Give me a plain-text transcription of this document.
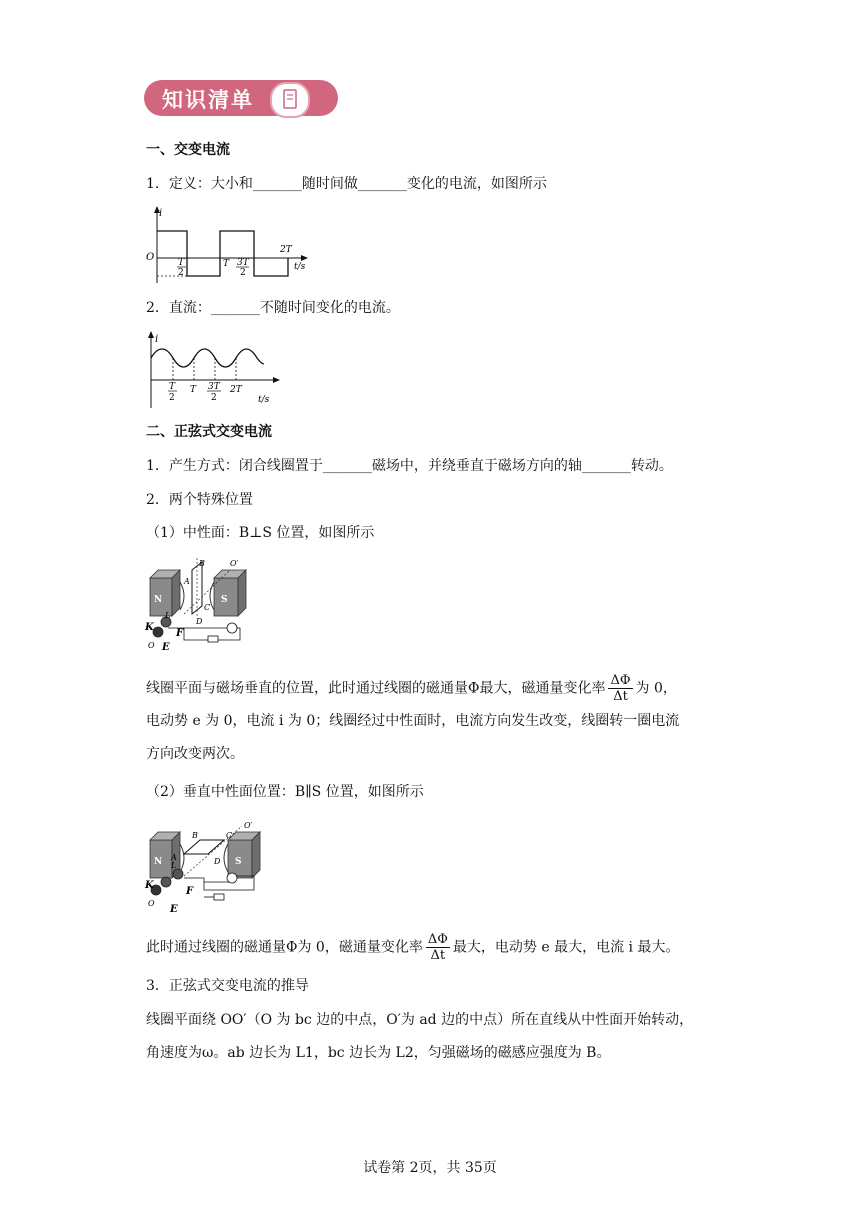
知识清单
一、交变电流
1．定义：大小和_______随时间做_______变化的电流，如图所示
i
O
t/s
T
2
T 3T
2
2T
2．直流：_______不随时间变化的电流。
i
t/s
T
2
T 3T
2
2T
二、正弦式交变电流
1．产生方式：闭合线圈置于_______磁场中，并绕垂直于磁场方向的轴_______转动。
2．两个特殊位置
（1）中性面：B⊥S 位置，如图所示
N	S
A
B
C
D
K
L
F
E
O
O′
线圈平面与磁场垂直的位置，此时通过线圈的磁通量Φ最大，磁通量变化率 $\frac{\Delta\Phi}{\Delta t}$ 为 0，
电动势 e 为 0，电流 i 为 0；线圈经过中性面时，电流方向发生改变，线圈转一圈电流
方向改变两次。
（2）垂直中性面位置：B∥S 位置，如图所示
N	S
A
B	C
D
K
L
F
E
O
O′
此时通过线圈的磁通量Φ为 0，磁通量变化率 $\frac{\Delta\Phi}{\Delta t}$ 最大，电动势 e 最大，电流 i 最大。
3．正弦式交变电流的推导
线圈平面绕 OO′（O 为 bc 边的中点，O′为 ad 边的中点）所在直线从中性面开始转动，
角速度为ω。ab 边长为 L1，bc 边长为 L2，匀强磁场的磁感应强度为 B。
试卷第 2页，共 35页
